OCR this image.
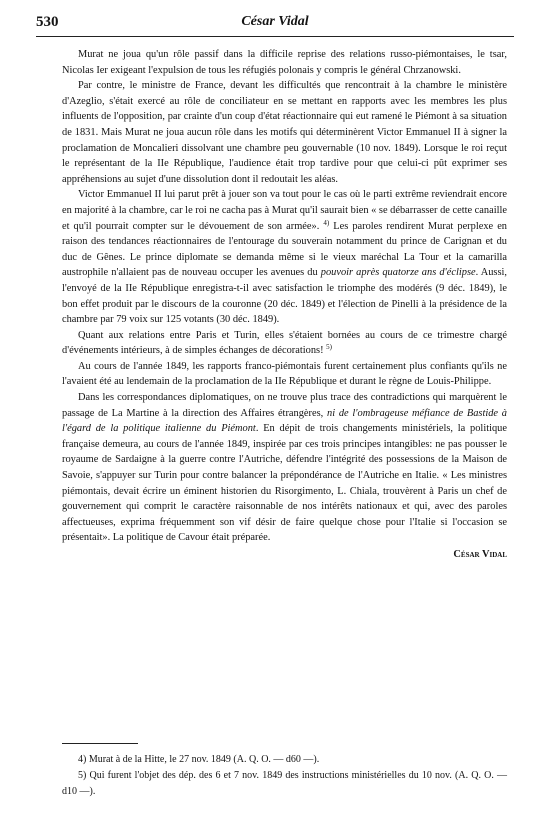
530	César Vidal

Murat ne joua qu'un rôle passif dans la difficile reprise des relations russo-piémontaises, le tsar, Nicolas Ier exigeant l'expulsion de tous les réfugiés polonais y compris le général Chrzanowski.

Par contre, le ministre de France, devant les difficultés que rencontrait à la chambre le ministère d'Azeglio, s'était exercé au rôle de conciliateur en se mettant en rapports avec les membres les plus influents de l'opposition, par crainte d'un coup d'état réactionnaire qui eut ramené le Piémont à sa situation de 1831. Mais Murat ne joua aucun rôle dans les motifs qui déterminèrent Victor Emmanuel II à signer la proclamation de Moncalieri dissolvant une chambre peu gouvernable (10 nov. 1849). Lorsque le roi reçut le représentant de la IIe République, l'audience était trop tardive pour que celui-ci pût exprimer ses appréhensions au sujet d'une dissolution dont il redoutait les aléas.

Victor Emmanuel II lui parut prêt à jouer son va tout pour le cas où le parti extrême reviendrait encore en majorité à la chambre, car le roi ne cacha pas à Murat qu'il saurait bien « se débarrasser de cette canaille et qu'il pourrait compter sur le dévouement de son armée». $^{4)}$ Les paroles rendirent Murat perplexe en raison des tendances réactionnaires de l'entourage du souverain notamment du prince de Carignan et du duc de Gênes. Le prince diplomate se demanda même si le vieux maréchal La Tour et la camarilla austrophile n'allaient pas de nouveau occuper les avenues du pouvoir après quatorze ans d'éclipse. Aussi, l'envoyé de la IIe République enregistra-t-il avec satisfaction le triomphe des modérés (9 déc. 1849), le bon effet produit par le discours de la couronne (20 déc. 1849) et l'élection de Pinelli à la présidence de la chambre par 79 voix sur 125 votants (30 déc. 1849).

Quant aux relations entre Paris et Turin, elles s'étaient bornées au cours de ce trimestre chargé d'événements intérieurs, à de simples échanges de décorations! $^{5)}$

Au cours de l'année 1849, les rapports franco-piémontais furent certainement plus confiants qu'ils ne l'avaient été au lendemain de la proclamation de la IIe République et durant le règne de Louis-Philippe.

Dans les correspondances diplomatiques, on ne trouve plus trace des contradictions qui marquèrent le passage de La Martine à la direction des Affaires étrangères, ni de l'ombrageuse méfiance de Bastide à l'égard de la politique italienne du Piémont. En dépit de trois changements ministériels, la politique française demeura, au cours de l'année 1849, inspirée par ces trois principes intangibles: ne pas pousser le royaume de Sardaigne à la guerre contre l'Autriche, défendre l'intégrité des possessions de la Maison de Savoie, s'appuyer sur Turin pour contre balancer la prépondérance de l'Autriche en Italie. « Les ministres piémontais, devait écrire un éminent historien du Risorgimento, L. Chiala, trouvèrent à Paris un chef de gouvernement qui comprit le caractère raisonnable de nos intérêts nationaux et qui, avec des paroles affectueuses, exprima fréquemment son vif désir de faire quelque chose pour l'Italie si l'occasion se présentait». La politique de Cavour était préparée.

César Vidal

4) Murat à de la Hitte, le 27 nov. 1849 (A. Q. O. — d60 —).

5) Qui furent l'objet des dép. des 6 et 7 nov. 1849 des instructions ministérielles du 10 nov. (A. Q. O. — d10 —).
